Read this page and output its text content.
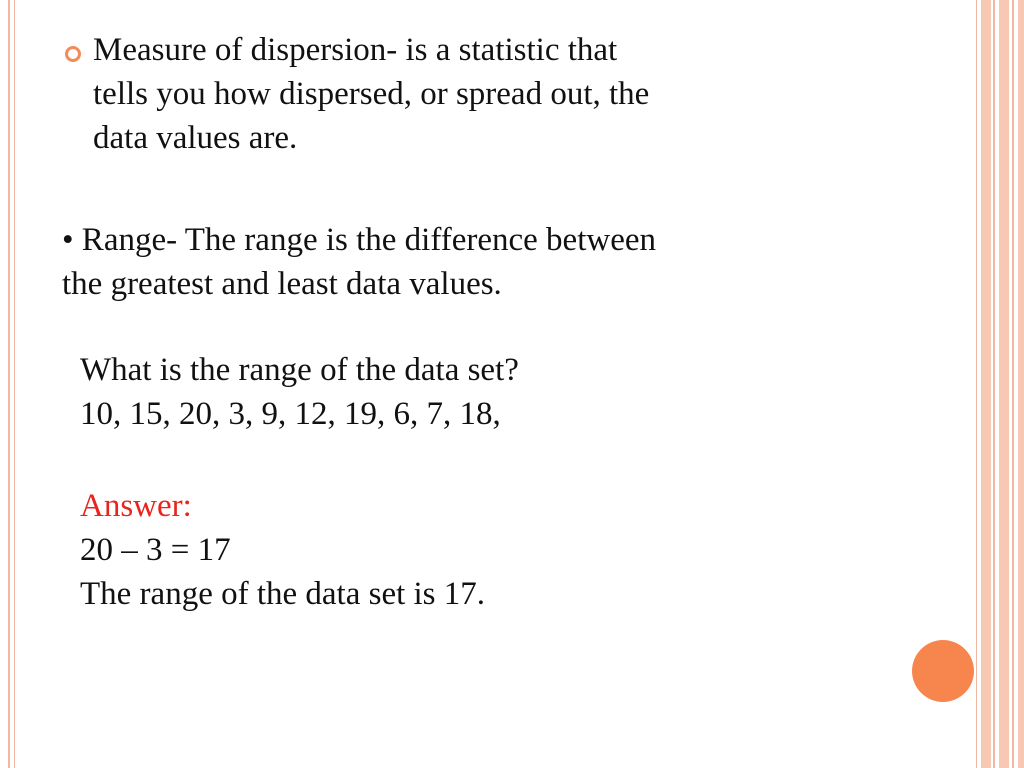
Measure of dispersion- is a statistic that
tells you how dispersed, or spread out, the
data values are.
• Range- The range is the difference between
the greatest and least data values.
What is the range of the data set?
10, 15, 20, 3, 9, 12, 19, 6, 7, 18,
Answer:
20 – 3 = 17
The range of the data set is 17.
